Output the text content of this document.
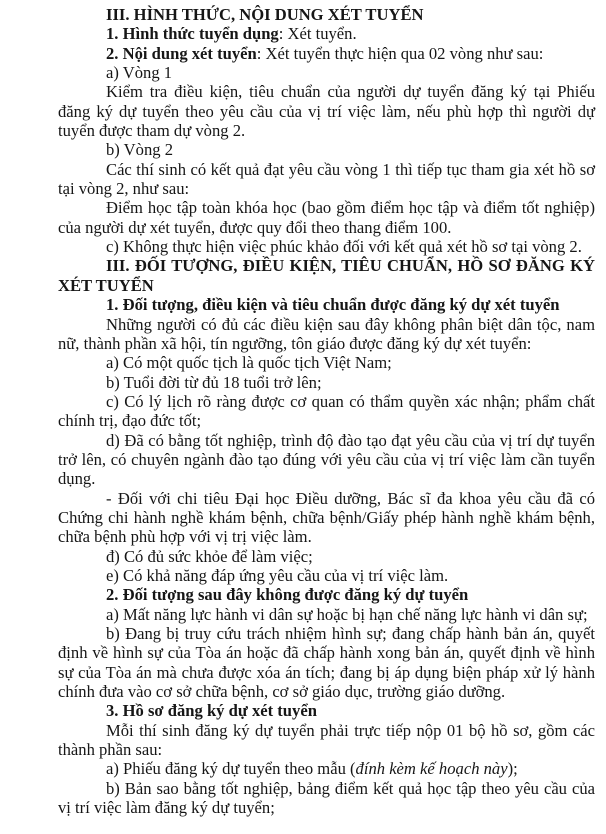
III. HÌNH THỨC, NỘI DUNG XÉT TUYỂN

1. Hình thức tuyển dụng: Xét tuyển.

2. Nội dung xét tuyển: Xét tuyển thực hiện qua 02 vòng như sau:

a) Vòng 1

Kiểm tra điều kiện, tiêu chuẩn của người dự tuyển đăng ký tại Phiếu đăng ký dự tuyển theo yêu cầu của vị trí việc làm, nếu phù hợp thì người dự tuyển được tham dự vòng 2.

b) Vòng 2

Các thí sinh có kết quả đạt yêu cầu vòng 1 thì tiếp tục tham gia xét hồ sơ tại vòng 2, như sau:

Điểm học tập toàn khóa học (bao gồm điểm học tập và điểm tốt nghiệp) của người dự xét tuyển, được quy đổi theo thang điểm 100.

c) Không thực hiện việc phúc khảo đối với kết quả xét hồ sơ tại vòng 2.

III. ĐỐI TƯỢNG, ĐIỀU KIỆN, TIÊU CHUẨN, HỒ SƠ ĐĂNG KÝ XÉT TUYỂN

1. Đối tượng, điều kiện và tiêu chuẩn được đăng ký dự xét tuyển

Những người có đủ các điều kiện sau đây không phân biệt dân tộc, nam nữ, thành phần xã hội, tín ngưỡng, tôn giáo được đăng ký dự xét tuyển:

a) Có một quốc tịch là quốc tịch Việt Nam;

b) Tuổi đời từ đủ 18 tuổi trở lên;

c) Có lý lịch rõ ràng được cơ quan có thẩm quyền xác nhận; phẩm chất chính trị, đạo đức tốt;

d) Đã có bằng tốt nghiệp, trình độ đào tạo đạt yêu cầu của vị trí dự tuyển trở lên, có chuyên ngành đào tạo đúng với yêu cầu của vị trí việc làm cần tuyển dụng.

- Đối với chi tiêu Đại học Điều dưỡng, Bác sĩ đa khoa yêu cầu đã có Chứng chi hành nghề khám bệnh, chữa bệnh/Giấy phép hành nghề khám bệnh, chữa bệnh phù hợp với vị trị việc làm.

đ) Có đủ sức khỏe để làm việc;

e) Có khả năng đáp ứng yêu cầu của vị trí việc làm.

2. Đối tượng sau đây không được đăng ký dự tuyển

a) Mất năng lực hành vi dân sự hoặc bị hạn chế năng lực hành vi dân sự;

b) Đang bị truy cứu trách nhiệm hình sự; đang chấp hành bản án, quyết định về hình sự của Tòa án hoặc đã chấp hành xong bản án, quyết định về hình sự của Tòa án mà chưa được xóa án tích; đang bị áp dụng biện pháp xử lý hành chính đưa vào cơ sở chữa bệnh, cơ sở giáo dục, trường giáo dưỡng.

3. Hồ sơ đăng ký dự xét tuyển

Mỗi thí sinh đăng ký dự tuyển phải trực tiếp nộp 01 bộ hồ sơ, gồm các thành phần sau:

a) Phiếu đăng ký dự tuyển theo mẫu (đính kèm kế hoạch này);

b) Bản sao bằng tốt nghiệp, bảng điểm kết quả học tập theo yêu cầu của vị trí việc làm đăng ký dự tuyển;
